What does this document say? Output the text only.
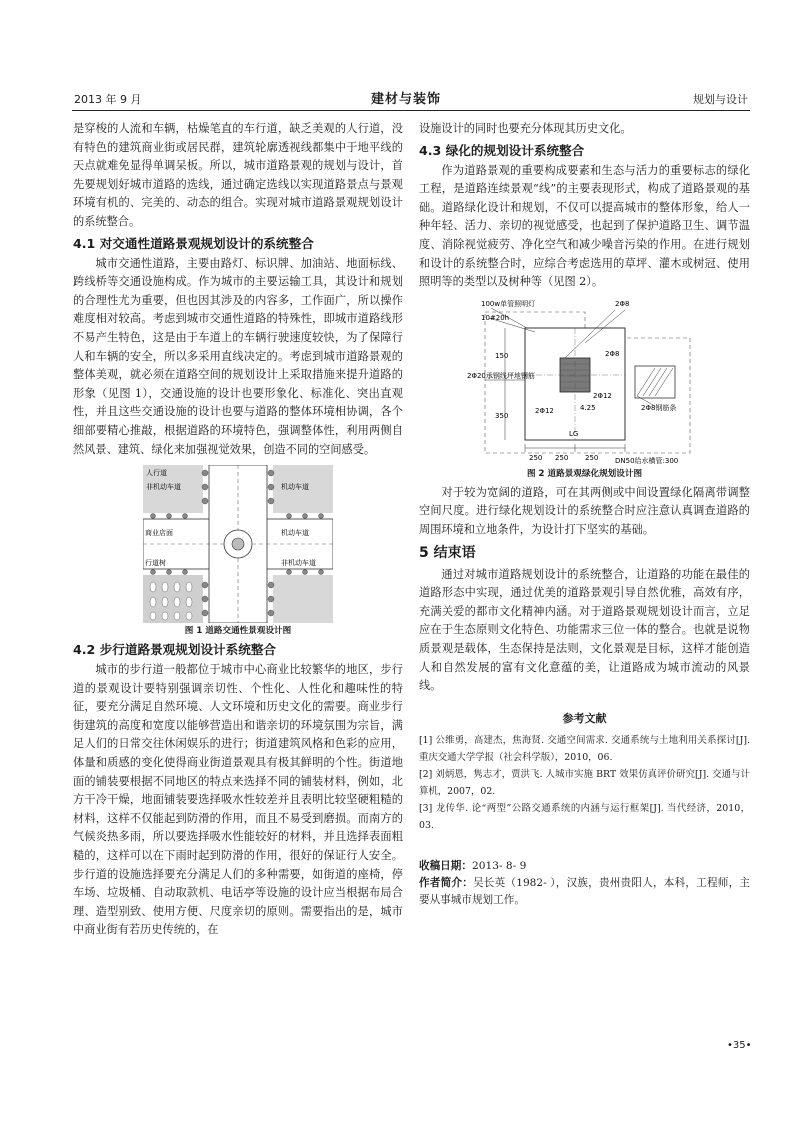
2013 年 9 月	建材与装饰	规划与设计

是穿梭的人流和车辆，枯燥笔直的车行道，缺乏美观的人行道，没有特色的建筑商业街或居民群，建筑轮廓透视线都集中于地平线的天点就难免显得单调呆板。所以，城市道路景观的规划与设计，首先要规划好城市道路的选线，通过确定选线以实现道路景点与景观环境有机的、完美的、动态的组合。实现对城市道路景观规划设计的系统整合。

4.1 对交通性道路景观规划设计的系统整合

城市交通性道路，主要由路灯、标识牌、加油站、地面标线、跨线桥等交通设施构成。作为城市的主要运输工具，其设计和规划的合理性尤为重要，但也因其涉及的内容多，工作面广，所以操作难度相对较高。考虑到城市交通性道路的特殊性，即城市道路线形不易产生特色，这是由于车道上的车辆行驶速度较快，为了保障行人和车辆的安全，所以多采用直线决定的。考虑到城市道路景观的整体美观，就必须在道路空间的规划设计上采取措施来提升道路的形象（见图 1），交通设施的设计也要形象化、标准化、突出直观性，并且这些交通设施的设计也要与道路的整体环境相协调，各个细部要精心推敲，根据道路的环境特色，强调整体性，利用两侧自然风景、建筑、绿化来加强视觉效果，创造不同的空间感受。

人行道
非机动车道	机动车道
商业店面	机动车道
行道树	非机动车道
图 1 道路交通性景观设计图
4.2 步行道路景观规划设计系统整合

城市的步行道一般都位于城市中心商业比较繁华的地区，步行道的景观设计要特别强调亲切性、个性化、人性化和趣味性的特征，要充分满足自然环境、人文环境和历史文化的需要。商业步行街建筑的高度和宽度以能够营造出和谐亲切的环境氛围为宗旨，满足人们的日常交往休闲娱乐的进行；街道建筑风格和色彩的应用，体量和质感的变化使得商业街道景观具有极其鲜明的个性。街道地面的铺装要根据不同地区的特点来选择不同的铺装材料，例如，北方干冷干燥，地面铺装要选择吸水性较差并且表明比较坚硬粗糙的材料，这样不仅能起到防滑的作用，而且不易受到磨损。而南方的气候炎热多雨，所以要选择吸水性能较好的材料，并且选择表面粗糙的，这样可以在下雨时起到防滑的作用，很好的保证行人安全。步行道的设施选择要充分满足人们的多种需要，如街道的座椅，停车场、垃圾桶、自动取款机、电话亭等设施的设计应当根据布局合理、造型别致、使用方便、尺度亲切的原则。需要指出的是，城市中商业街有若历史传统的，在

设施设计的同时也要充分体现其历史文化。

4.3 绿化的规划设计系统整合

作为道路景观的重要构成要素和生态与活力的重要标志的绿化工程，是道路连续景观“线”的主要表现形式，构成了道路景观的基础。道路绿化设计和规划，不仅可以提高城市的整体形象，给人一种年轻、活力、亲切的视觉感受，也起到了保护道路卫生、调节温度、消除视觉疲劳、净化空气和减少噪音污染的作用。在进行规划和设计的系统整合时，应综合考虑选用的草坪、灌木或树冠、使用照明等的类型以及树种等（见图 2）。

100w单管照明灯
10#20h
2Φ8
2Φ20承钢线坪地钢筋
2Φ8
2Φ12
2Φ12	4.25	2Φ8钢筋条
DN50给水横管:300
LG
250 250 250
150
350
图 2 道路景观绿化规划设计图

对于较为宽阔的道路，可在其两侧或中间设置绿化隔离带调整空间尺度。进行绿化规划设计的系统整合时应注意认真调查道路的周围环境和立地条件，为设计打下坚实的基础。

5 结束语

通过对城市道路规划设计的系统整合，让道路的功能在最佳的道路形态中实现，通过优美的道路景观引导自然优雅，高效有序，充满关爱的都市文化精神内涵。对于道路景观规划设计而言，立足应在于生态原则文化特色、功能需求三位一体的整合。也就是说物质景观是载体，生态保持是法则，文化景观是目标，这样才能创造人和自然发展的富有文化意蕴的美，让道路成为城市流动的风景线。

参考文献

[1] 公维勇，高建杰，焦海贤. 交通空间需求. 交通系统与土地利用关系探讨[J]. 重庆交通大学学报（社会科学版），2010，06.

[2] 刘炳恩，隽志才，贾洪飞. 人城市实施 BRT 效果仿真评价研究[J]. 交通与计算机，2007，02.

[3] 龙传华. 论“两型”公路交通系统的内涵与运行框架[J]. 当代经济，2010，03.

收稿日期：2013- 8- 9

作者简介：吴长英（1982- ），汉族，贵州贵阳人，本科，工程师，主要从事城市规划工作。

•35•
